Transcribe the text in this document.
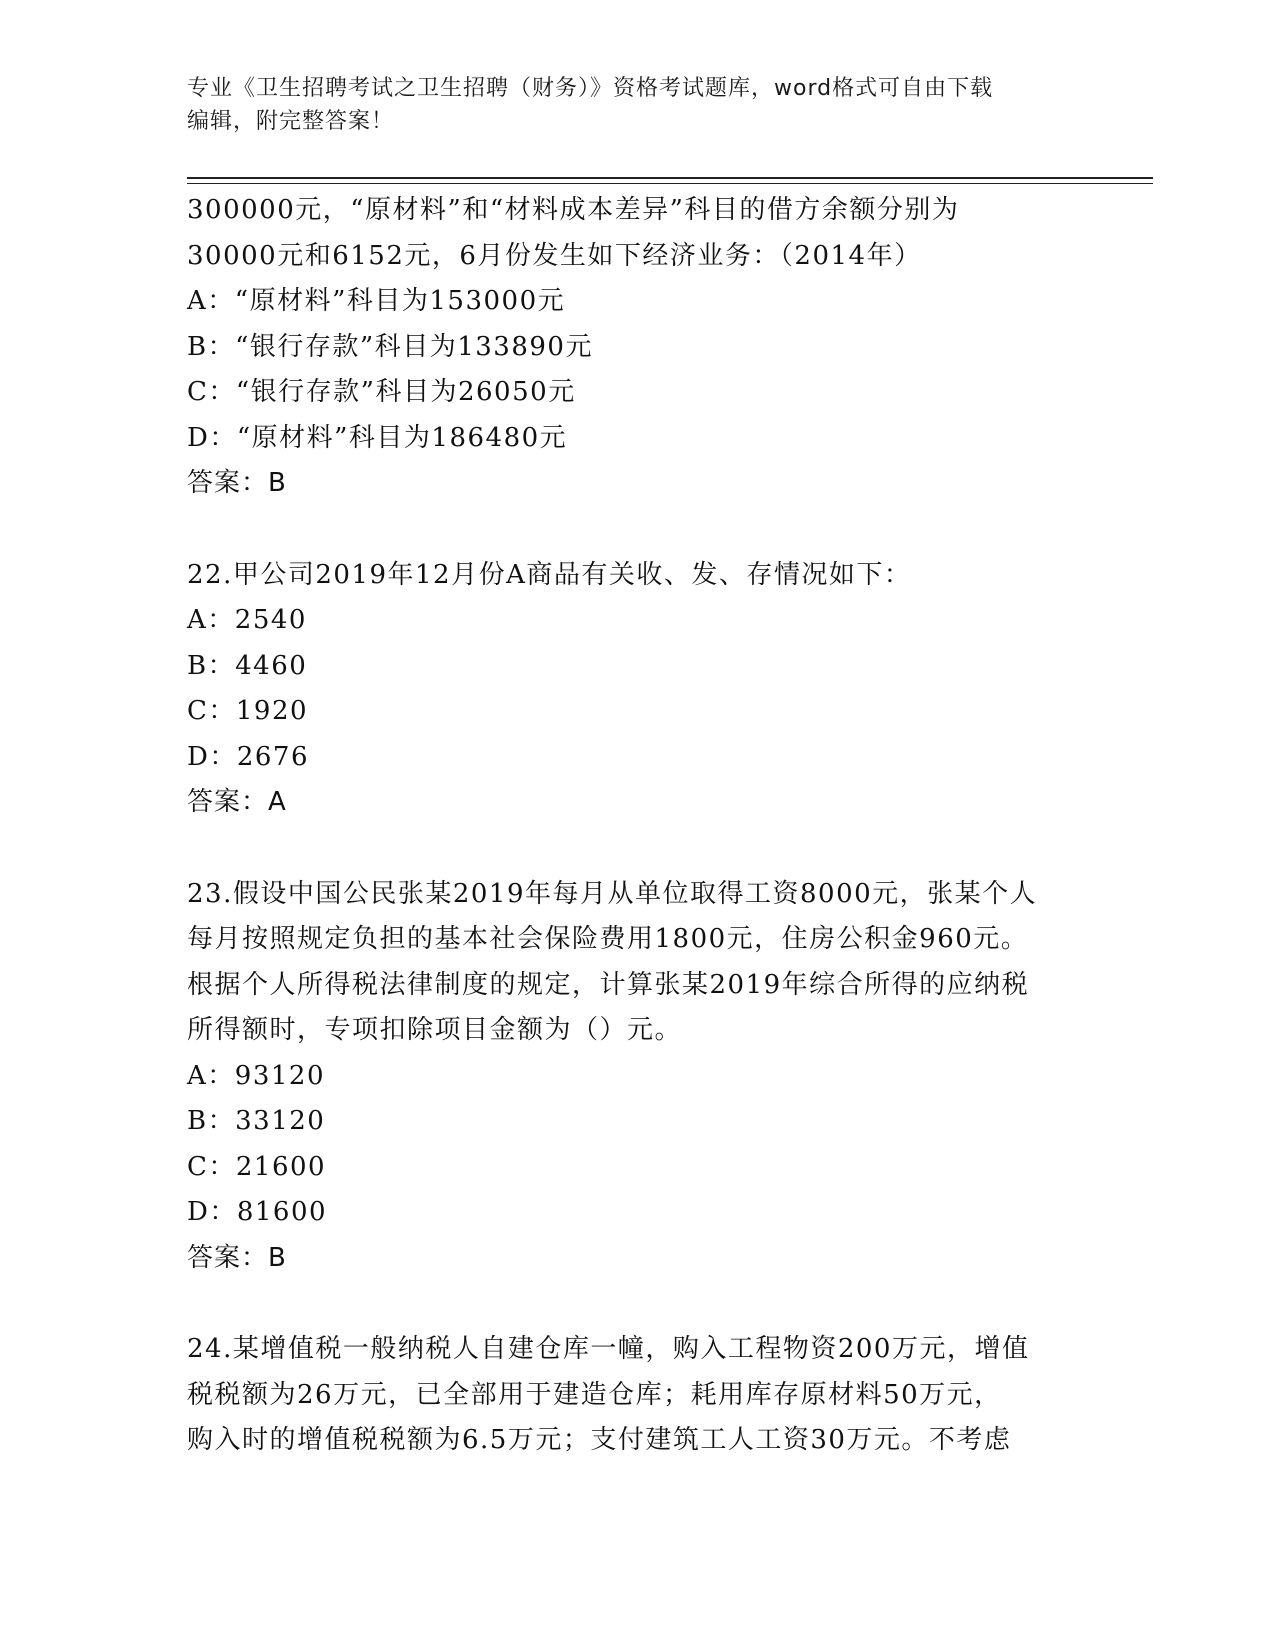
专业《卫生招聘考试之卫生招聘（财务）》资格考试题库，word格式可自由下载
编辑，附完整答案！
300000元，“原材料”和“材料成本差异”科目的借方余额分别为
30000元和6152元，6月份发生如下经济业务：（2014年）
A：“原材料”科目为153000元
B：“银行存款”科目为133890元
C：“银行存款”科目为26050元
D：“原材料”科目为186480元
答案：B
22.甲公司2019年12月份A商品有关收、发、存情况如下：
A：2540
B：4460
C：1920
D：2676
答案：A
23.假设中国公民张某2019年每月从单位取得工资8000元，张某个人
每月按照规定负担的基本社会保险费用1800元，住房公积金960元。
根据个人所得税法律制度的规定，计算张某2019年综合所得的应纳税
所得额时，专项扣除项目金额为（）元。
A：93120
B：33120
C：21600
D：81600
答案：B
24.某增值税一般纳税人自建仓库一幢，购入工程物资200万元，增值
税税额为26万元，已全部用于建造仓库；耗用库存原材料50万元，
购入时的增值税税额为6.5万元；支付建筑工人工资30万元。不考虑
